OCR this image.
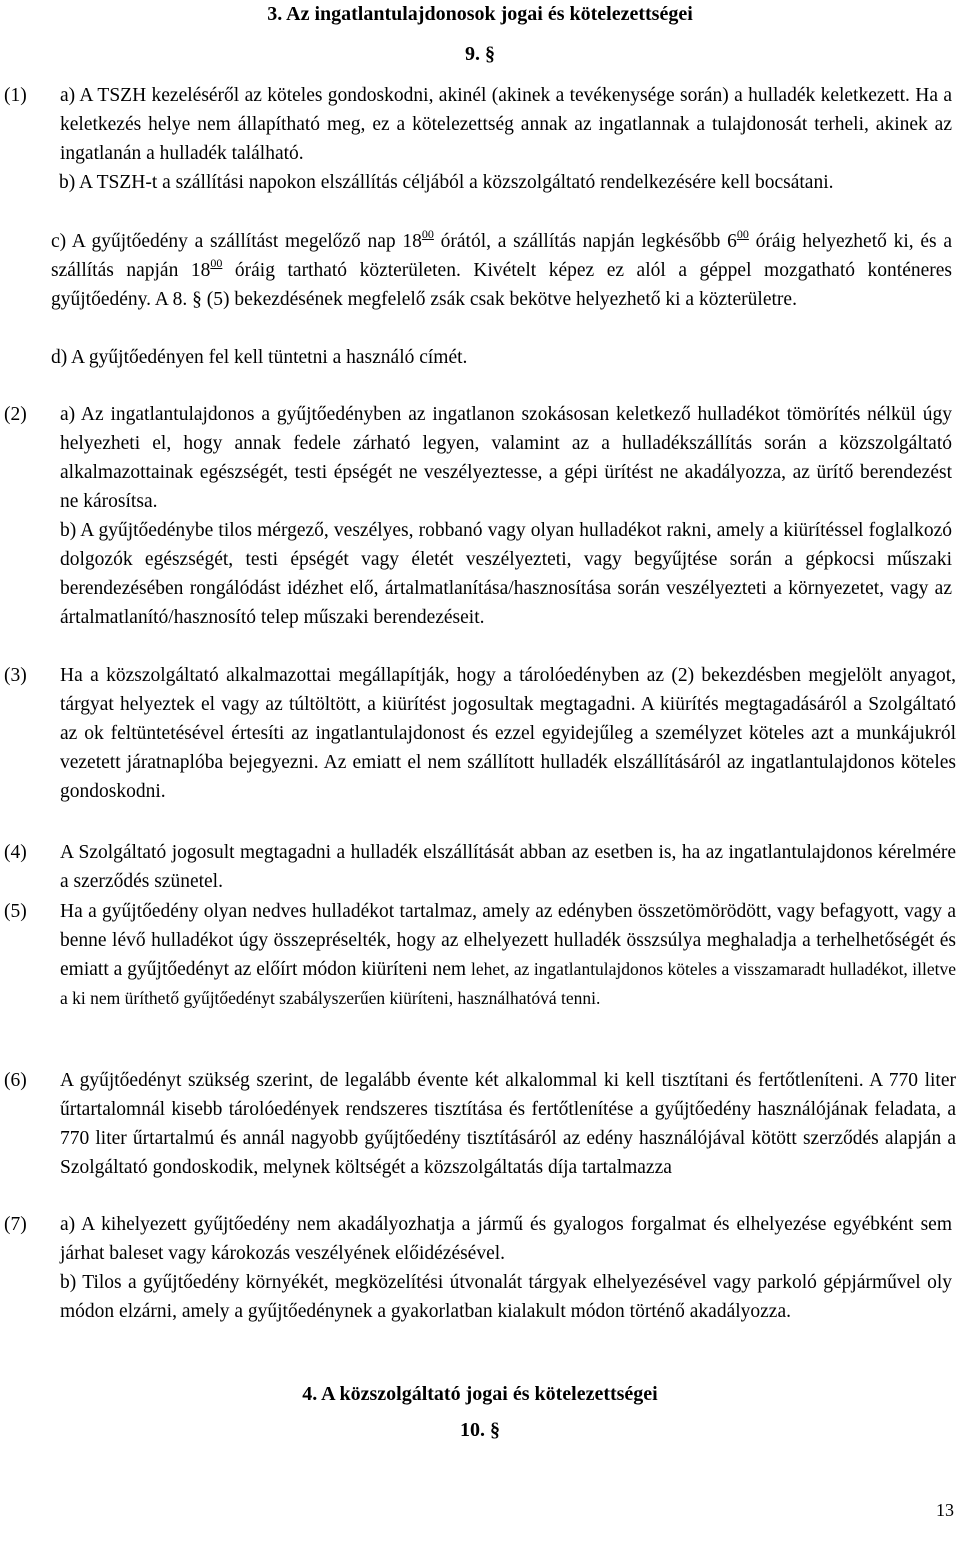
3. Az ingatlantulajdonosok jogai és kötelezettségei
9. §
(1) a) A TSZH kezeléséről az köteles gondoskodni, akinél (akinek a tevékenysége során) a hulladék keletkezett. Ha a keletkezés helye nem állapítható meg, ez a kötelezettség annak az ingatlannak a tulajdonosát terheli, akinek az ingatlanán a hulladék található.

b) A TSZH-t a szállítási napokon elszállítás céljából a közszolgáltató rendelkezésére kell bocsátani.

c) A gyűjtőedény a szállítást megelőző nap $18^{00}$ órától, a szállítás napján legkésőbb $6^{00}$ óráig helyezhető ki, és a szállítás napján $18^{00}$ óráig tartható közterületen. Kivételt képez ez alól a géppel mozgatható konténeres gyűjtőedény. A 8. § (5) bekezdésének megfelelő zsák csak bekötve helyezhető ki a közterületre.

d) A gyűjtőedényen fel kell tüntetni a használó címét.

(2) a) Az ingatlantulajdonos a gyűjtőedényben az ingatlanon szokásosan keletkező hulladékot tömörítés nélkül úgy helyezheti el, hogy annak fedele zárható legyen, valamint az a hulladékszállítás során a közszolgáltató alkalmazottainak egészségét, testi épségét ne veszélyeztesse, a gépi ürítést ne akadályozza, az ürítő berendezést ne károsítsa.

b) A gyűjtőedénybe tilos mérgező, veszélyes, robbanó vagy olyan hulladékot rakni, amely a kiürítéssel foglalkozó dolgozók egészségét, testi épségét vagy életét veszélyezteti, vagy begyűjtése során a gépkocsi műszaki berendezésében rongálódást idézhet elő, ártalmatlanítása/hasznosítása során veszélyezteti a környezetet, vagy az ártalmatlanító/hasznosító telep műszaki berendezéseit.

(3) Ha a közszolgáltató alkalmazottai megállapítják, hogy a tárolóedényben az (2) bekezdésben megjelölt anyagot, tárgyat helyeztek el vagy az túltöltött, a kiürítést jogosultak megtagadni. A kiürítés megtagadásáról a Szolgáltató az ok feltüntetésével értesíti az ingatlantulajdonost és ezzel egyidejűleg a személyzet köteles azt a munkájukról vezetett járatnaplóba bejegyezni. Az emiatt el nem szállított hulladék elszállításáról az ingatlantulajdonos köteles gondoskodni.

(4) A Szolgáltató jogosult megtagadni a hulladék elszállítását abban az esetben is, ha az ingatlantulajdonos kérelmére a szerződés szünetel.

(5) Ha a gyűjtőedény olyan nedves hulladékot tartalmaz, amely az edényben összetömörödött, vagy befagyott, vagy a benne lévő hulladékot úgy összepréselték, hogy az elhelyezett hulladék összsúlya meghaladja a terhelhetőségét és emiatt a gyűjtőedényt az előírt módon kiüríteni nem lehet, az ingatlantulajdonos köteles a visszamaradt hulladékot, illetve a ki nem üríthető gyűjtőedényt szabályszerűen kiüríteni, használhatóvá tenni.

(6) A gyűjtőedényt szükség szerint, de legalább évente két alkalommal ki kell tisztítani és fertőtleníteni. A 770 liter űrtartalomnál kisebb tárolóedények rendszeres tisztítása és fertőtlenítése a gyűjtőedény használójának feladata, a 770 liter űrtartalmú és annál nagyobb gyűjtőedény tisztításáról az edény használójával kötött szerződés alapján a Szolgáltató gondoskodik, melynek költségét a közszolgáltatás díja tartalmazza

(7) a) A kihelyezett gyűjtőedény nem akadályozhatja a jármű és gyalogos forgalmat és elhelyezése egyébként sem járhat baleset vagy károkozás veszélyének előidézésével.

b) Tilos a gyűjtőedény környékét, megközelítési útvonalát tárgyak elhelyezésével vagy parkoló gépjárművel oly módon elzárni, amely a gyűjtőedénynek a gyakorlatban kialakult módon történő akadályozza.

4. A közszolgáltató jogai és kötelezettségei
10. §
13
